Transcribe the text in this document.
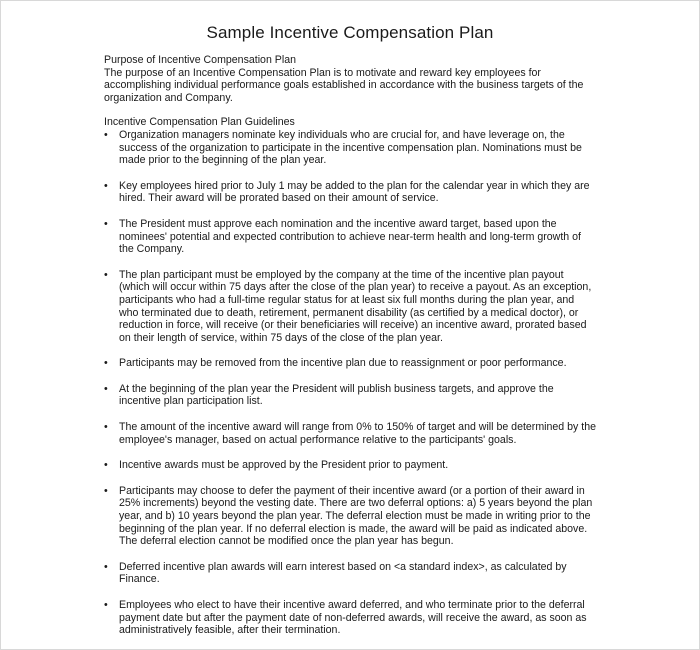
Sample Incentive Compensation Plan

Purpose of Incentive Compensation Plan

The purpose of an Incentive Compensation Plan is to motivate and reward key employees for accomplishing individual performance goals established in accordance with the business targets of the organization and Company.

Incentive Compensation Plan Guidelines

• Organization managers nominate key individuals who are crucial for, and have leverage on, the success of the organization to participate in the incentive compensation plan. Nominations must be made prior to the beginning of the plan year.
• Key employees hired prior to July 1 may be added to the plan for the calendar year in which they are hired. Their award will be prorated based on their amount of service.
• The President must approve each nomination and the incentive award target, based upon the nominees' potential and expected contribution to achieve near-term health and long-term growth of the Company.
• The plan participant must be employed by the company at the time of the incentive plan payout (which will occur within 75 days after the close of the plan year) to receive a payout. As an exception, participants who had a full-time regular status for at least six full months during the plan year, and who terminated due to death, retirement, permanent disability (as certified by a medical doctor), or reduction in force, will receive (or their beneficiaries will receive) an incentive award, prorated based on their length of service, within 75 days of the close of the plan year.
• Participants may be removed from the incentive plan due to reassignment or poor performance.
• At the beginning of the plan year the President will publish business targets, and approve the incentive plan participation list.
• The amount of the incentive award will range from 0% to 150% of target and will be determined by the employee's manager, based on actual performance relative to the participants' goals.
• Incentive awards must be approved by the President prior to payment.
• Participants may choose to defer the payment of their incentive award (or a portion of their award in 25% increments) beyond the vesting date. There are two deferral options: a) 5 years beyond the plan year, and b) 10 years beyond the plan year. The deferral election must be made in writing prior to the beginning of the plan year. If no deferral election is made, the award will be paid as indicated above. The deferral election cannot be modified once the plan year has begun.
• Deferred incentive plan awards will earn interest based on <a standard index>, as calculated by Finance.
• Employees who elect to have their incentive award deferred, and who terminate prior to the deferral payment date but after the payment date of non-deferred awards, will receive the award, as soon as administratively feasible, after their termination.
